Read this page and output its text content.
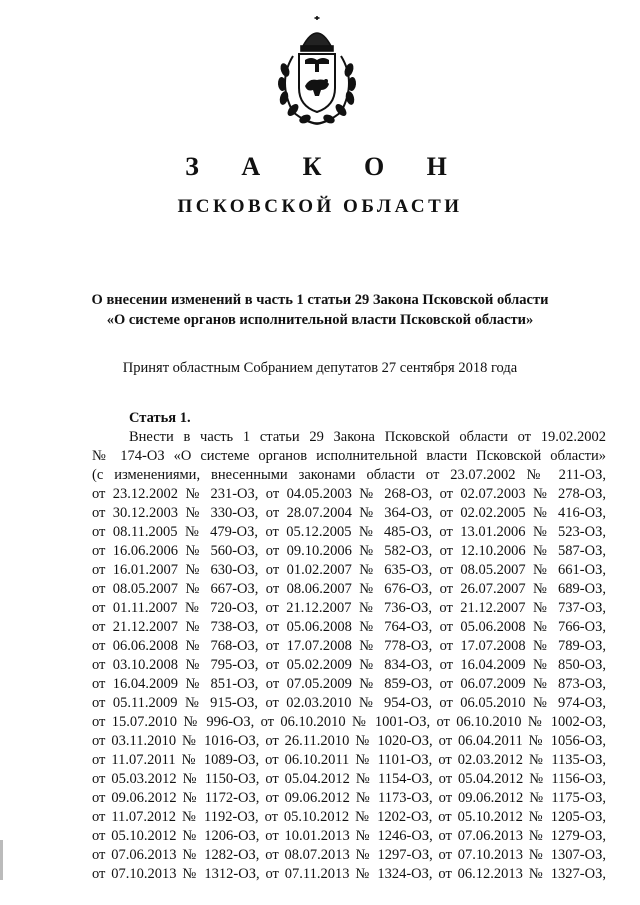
З А К О Н
ПСКОВСКОЙ ОБЛАСТИ
О внесении изменений в часть 1 статьи 29 Закона Псковской области
«О системе органов исполнительной власти Псковской области»
Принят областным Собранием депутатов 27 сентября 2018 года
Статья 1.
Внести в часть 1 статьи 29 Закона Псковской области от 19.02.2002
№ 174-ОЗ «О системе органов исполнительной власти Псковской области»
(с изменениями, внесенными законами области от 23.07.2002 № 211-ОЗ,
от 23.12.2002 № 231-ОЗ, от 04.05.2003 № 268-ОЗ, от 02.07.2003 № 278-ОЗ,
от 30.12.2003 № 330-ОЗ, от 28.07.2004 № 364-ОЗ, от 02.02.2005 № 416-ОЗ,
от 08.11.2005 № 479-ОЗ, от 05.12.2005 № 485-ОЗ, от 13.01.2006 № 523-ОЗ,
от 16.06.2006 № 560-ОЗ, от 09.10.2006 № 582-ОЗ, от 12.10.2006 № 587-ОЗ,
от 16.01.2007 № 630-ОЗ, от 01.02.2007 № 635-ОЗ, от 08.05.2007 № 661-ОЗ,
от 08.05.2007 № 667-ОЗ, от 08.06.2007 № 676-ОЗ, от 26.07.2007 № 689-ОЗ,
от 01.11.2007 № 720-ОЗ, от 21.12.2007 № 736-ОЗ, от 21.12.2007 № 737-ОЗ,
от 21.12.2007 № 738-ОЗ, от 05.06.2008 № 764-ОЗ, от 05.06.2008 № 766-ОЗ,
от 06.06.2008 № 768-ОЗ, от 17.07.2008 № 778-ОЗ, от 17.07.2008 № 789-ОЗ,
от 03.10.2008 № 795-ОЗ, от 05.02.2009 № 834-ОЗ, от 16.04.2009 № 850-ОЗ,
от 16.04.2009 № 851-ОЗ, от 07.05.2009 № 859-ОЗ, от 06.07.2009 № 873-ОЗ,
от 05.11.2009 № 915-ОЗ, от 02.03.2010 № 954-ОЗ, от 06.05.2010 № 974-ОЗ,
от 15.07.2010 № 996-ОЗ, от 06.10.2010 № 1001-ОЗ, от 06.10.2010 № 1002-ОЗ,
от 03.11.2010 № 1016-ОЗ, от 26.11.2010 № 1020-ОЗ, от 06.04.2011 № 1056-ОЗ,
от 11.07.2011 № 1089-ОЗ, от 06.10.2011 № 1101-ОЗ, от 02.03.2012 № 1135-ОЗ,
от 05.03.2012 № 1150-ОЗ, от 05.04.2012 № 1154-ОЗ, от 05.04.2012 № 1156-ОЗ,
от 09.06.2012 № 1172-ОЗ, от 09.06.2012 № 1173-ОЗ, от 09.06.2012 № 1175-ОЗ,
от 11.07.2012 № 1192-ОЗ, от 05.10.2012 № 1202-ОЗ, от 05.10.2012 № 1205-ОЗ,
от 05.10.2012 № 1206-ОЗ, от 10.01.2013 № 1246-ОЗ, от 07.06.2013 № 1279-ОЗ,
от 07.06.2013 № 1282-ОЗ, от 08.07.2013 № 1297-ОЗ, от 07.10.2013 № 1307-ОЗ,
от 07.10.2013 № 1312-ОЗ, от 07.11.2013 № 1324-ОЗ, от 06.12.2013 № 1327-ОЗ,
